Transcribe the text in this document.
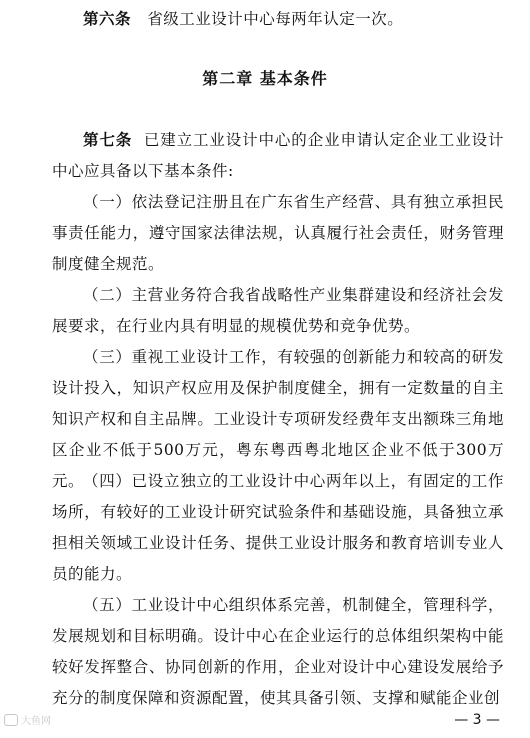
第六条 省级工业设计中心每两年认定一次。

第二章 基本条件

第七条 已建立工业设计中心的企业申请认定企业工业设计中心应具备以下基本条件:

（一）依法登记注册且在广东省生产经营、具有独立承担民事责任能力，遵守国家法律法规，认真履行社会责任，财务管理制度健全规范。

（二）主营业务符合我省战略性产业集群建设和经济社会发展要求，在行业内具有明显的规模优势和竞争优势。

（三）重视工业设计工作，有较强的创新能力和较高的研发设计投入，知识产权应用及保护制度健全，拥有一定数量的自主知识产权和自主品牌。工业设计专项研发经费年支出额珠三角地区企业不低于500万元，粤东粤西粤北地区企业不低于300万元。

（四）已设立独立的工业设计中心两年以上，有固定的工作场所，有较好的工业设计研究试验条件和基础设施，具备独立承担相关领域工业设计任务、提供工业设计服务和教育培训专业人员的能力。

（五）工业设计中心组织体系完善，机制健全，管理科学，发展规划和目标明确。设计中心在企业运行的总体组织架构中能较好发挥整合、协同创新的作用，企业对设计中心建设发展给予充分的制度保障和资源配置，使其具备引领、支撑和赋能企业创

大鱼网	— 3 —
